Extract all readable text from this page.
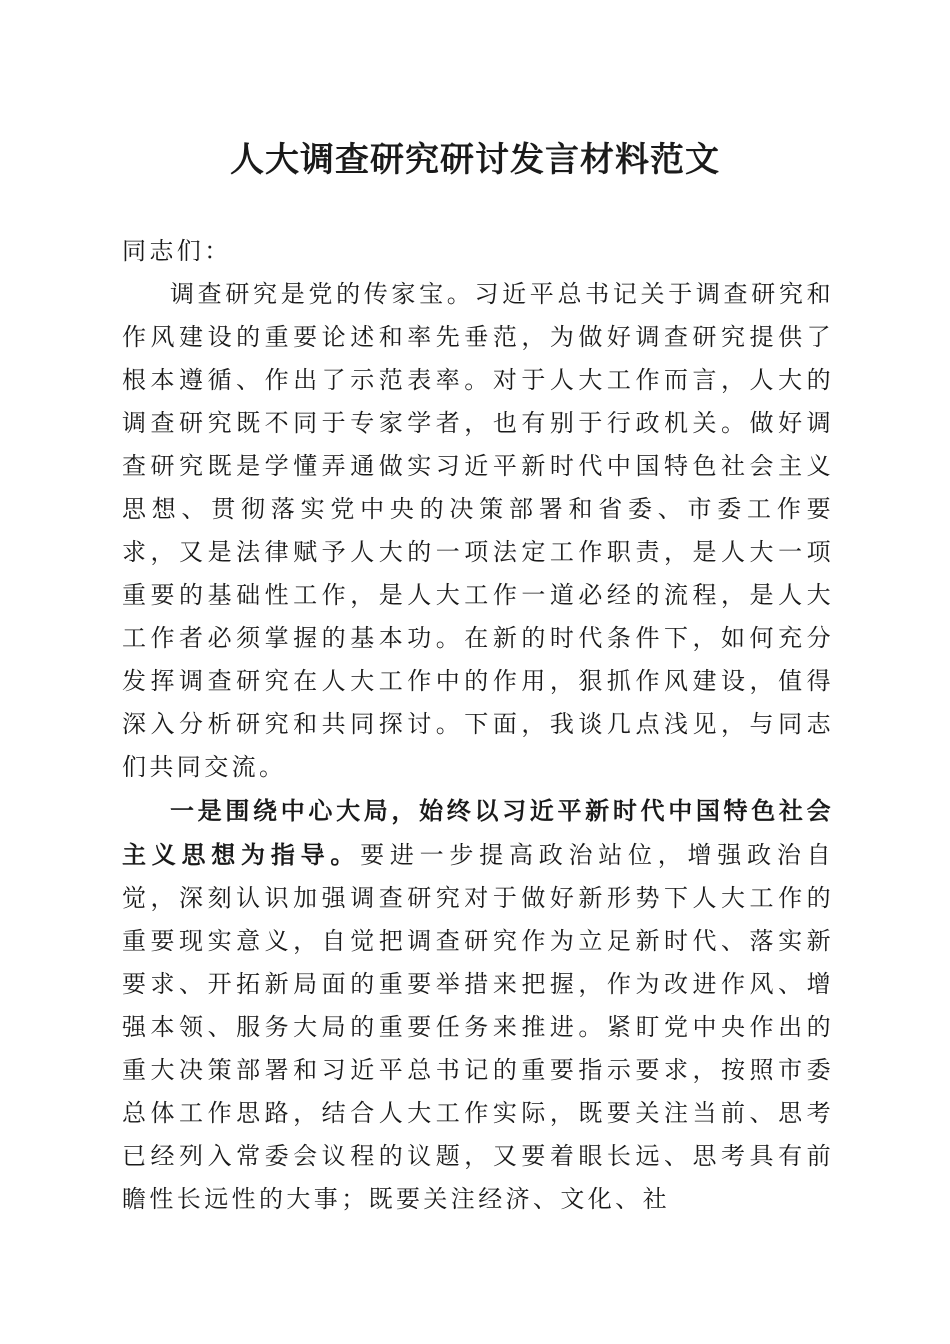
人大调查研究研讨发言材料范文

同志们：

调查研究是党的传家宝。习近平总书记关于调查研究和作风建设的重要论述和率先垂范，为做好调查研究提供了根本遵循、作出了示范表率。对于人大工作而言，人大的调查研究既不同于专家学者，也有别于行政机关。做好调查研究既是学懂弄通做实习近平新时代中国特色社会主义思想、贯彻落实党中央的决策部署和省委、市委工作要求，又是法律赋予人大的一项法定工作职责，是人大一项重要的基础性工作，是人大工作一道必经的流程，是人大工作者必须掌握的基本功。在新的时代条件下，如何充分发挥调查研究在人大工作中的作用，狠抓作风建设，值得深入分析研究和共同探讨。下面，我谈几点浅见，与同志们共同交流。

一是围绕中心大局，始终以习近平新时代中国特色社会主义思想为指导。要进一步提高政治站位，增强政治自觉，深刻认识加强调查研究对于做好新形势下人大工作的重要现实意义，自觉把调查研究作为立足新时代、落实新要求、开拓新局面的重要举措来把握，作为改进作风、增强本领、服务大局的重要任务来推进。紧盯党中央作出的重大决策部署和习近平总书记的重要指示要求，按照市委总体工作思路，结合人大工作实际，既要关注当前、思考已经列入常委会议程的议题，又要着眼长远、思考具有前瞻性长远性的大事；既要关注经济、文化、社
